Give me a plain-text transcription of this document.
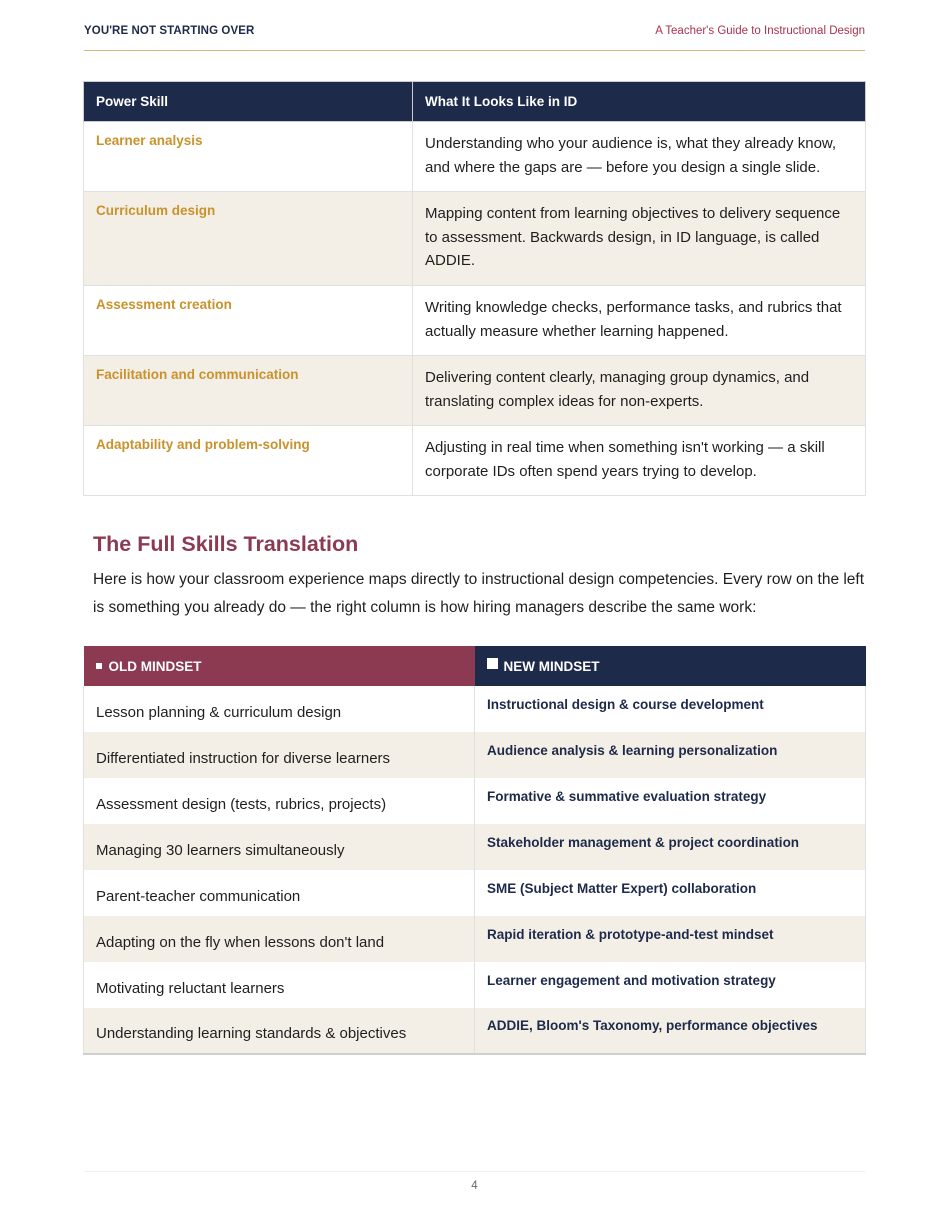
YOU'RE NOT STARTING OVER	A Teacher's Guide to Instructional Design
Power Skill	What It Looks Like in ID

Learner analysis	Understanding who your audience is, what they already know, and where the gaps are — before you design a single slide.

Curriculum design	Mapping content from learning objectives to delivery sequence to assessment. Backwards design, in ID language, is called ADDIE.

Assessment creation	Writing knowledge checks, performance tasks, and rubrics that actually measure whether learning happened.

Facilitation and communication	Delivering content clearly, managing group dynamics, and translating complex ideas for non-experts.

Adaptability and problem-solving	Adjusting in real time when something isn't working — a skill corporate IDs often spend years trying to develop.
The Full Skills Translation

Here is how your classroom experience maps directly to instructional design competencies. Every row on the left is something you already do — the right column is how hiring managers describe the same work:

OLD MINDSET	NEW MINDSET
Lesson planning & curriculum design	Instructional design & course development
Differentiated instruction for diverse learners	Audience analysis & learning personalization
Assessment design (tests, rubrics, projects)	Formative & summative evaluation strategy
Managing 30 learners simultaneously	Stakeholder management & project coordination
Parent-teacher communication	SME (Subject Matter Expert) collaboration
Adapting on the fly when lessons don't land	Rapid iteration & prototype-and-test mindset
Motivating reluctant learners	Learner engagement and motivation strategy
Understanding learning standards & objectives	ADDIE, Bloom's Taxonomy, performance objectives
4
